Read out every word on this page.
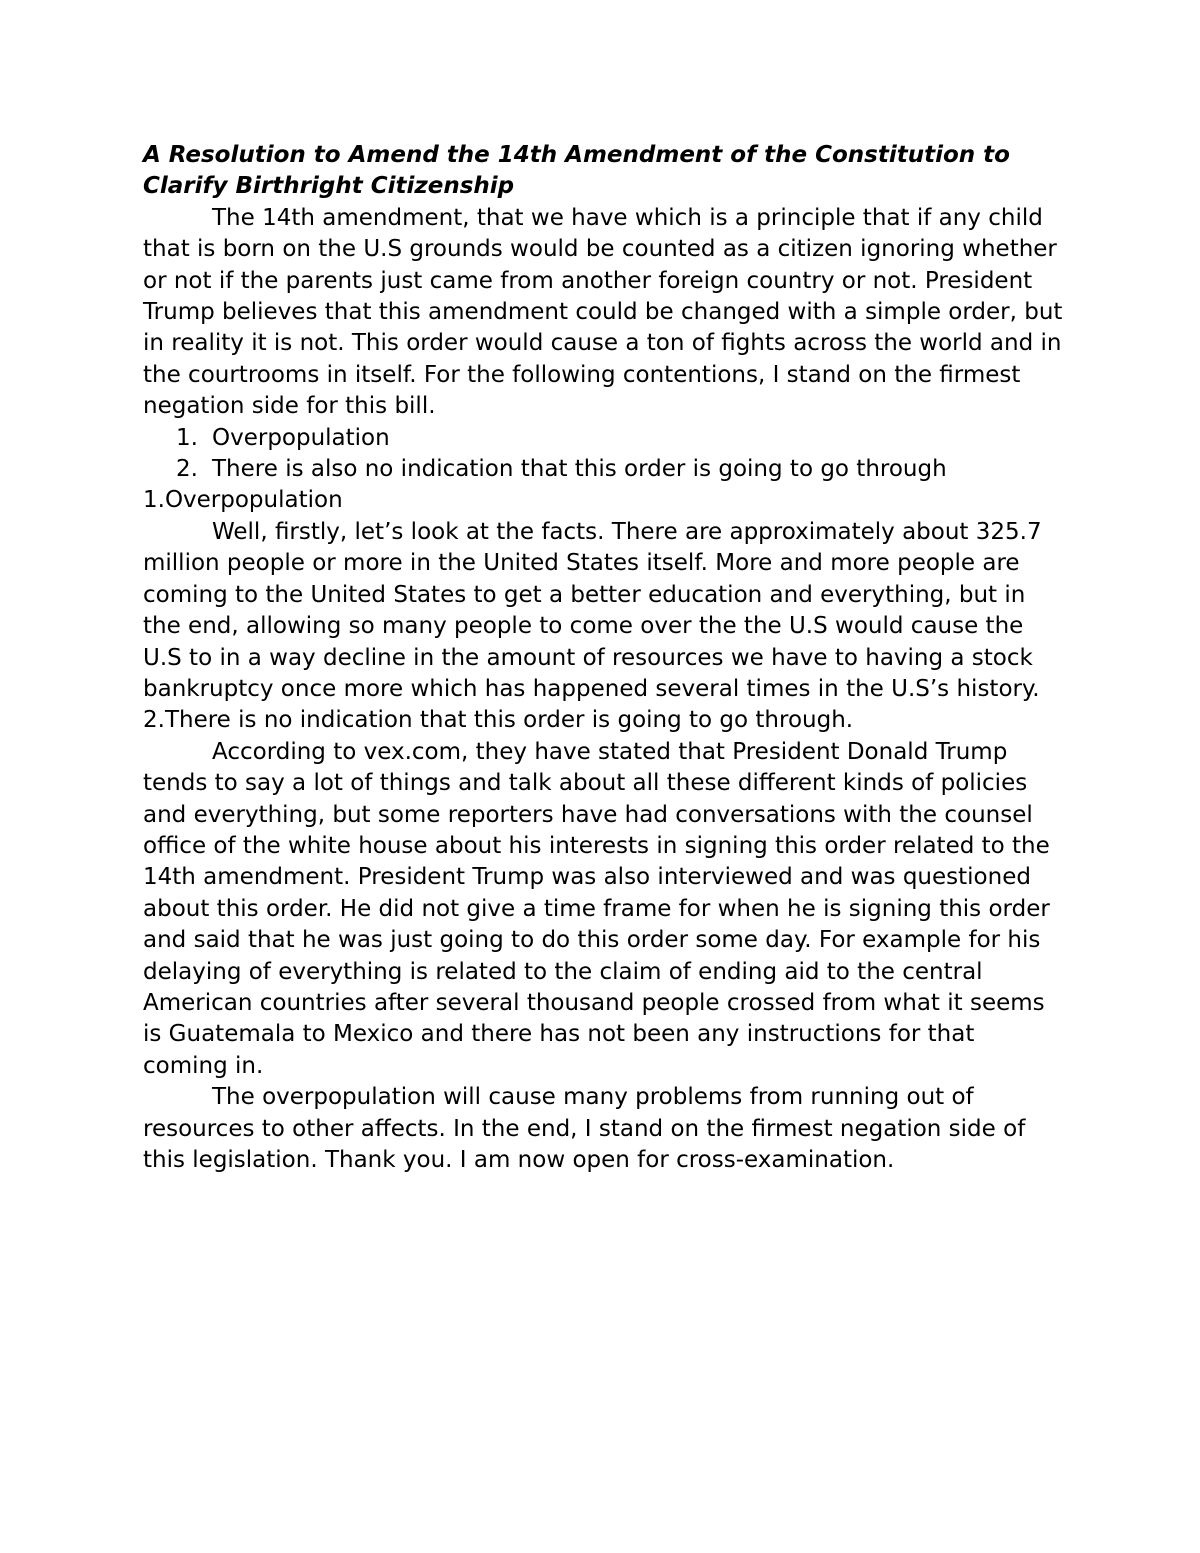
A Resolution to Amend the 14th Amendment of the Constitution to Clarify Birthright Citizenship

The 14th amendment, that we have which is a principle that if any child that is born on the U.S grounds would be counted as a citizen ignoring whether or not if the parents just came from another foreign country or not. President Trump believes that this amendment could be changed with a simple order, but in reality it is not. This order would cause a ton of fights across the world and in the courtrooms in itself. For the following contentions, I stand on the firmest negation side for this bill.

1. Overpopulation
2. There is also no indication that this order is going to go through

1.Overpopulation

Well, firstly, let’s look at the facts. There are approximately about 325.7 million people or more in the United States itself. More and more people are coming to the United States to get a better education and everything, but in the end, allowing so many people to come over the the U.S would cause the U.S to in a way decline in the amount of resources we have to having a stock bankruptcy once more which has happened several times in the U.S’s history.

2.There is no indication that this order is going to go through.

According to vex.com, they have stated that President Donald Trump tends to say a lot of things and talk about all these different kinds of policies and everything, but some reporters have had conversations with the counsel office of the white house about his interests in signing this order related to the 14th amendment. President Trump was also interviewed and was questioned about this order. He did not give a time frame for when he is signing this order and said that he was just going to do this order some day. For example for his delaying of everything is related to the claim of ending aid to the central American countries after several thousand people crossed from what it seems is Guatemala to Mexico and there has not been any instructions for that coming in.

The overpopulation will cause many problems from running out of resources to other affects. In the end, I stand on the firmest negation side of this legislation. Thank you. I am now open for cross-examination.
